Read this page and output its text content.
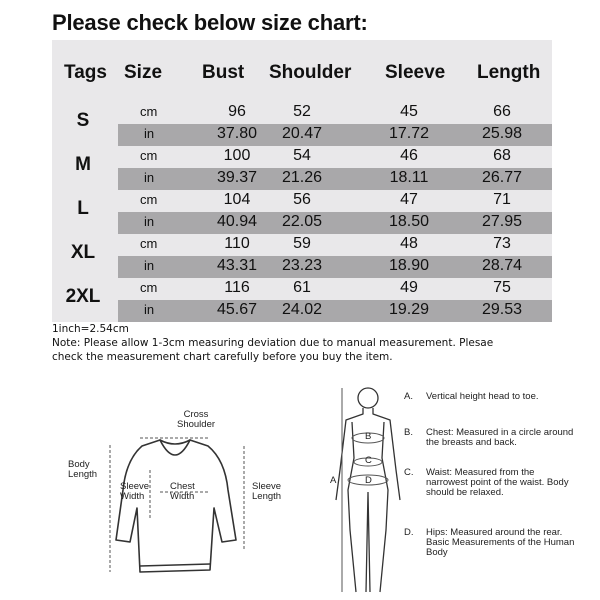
Please check below size chart:
Tags Size Bust Shoulder Sleeve Length
S	cm	96	52	45	66
in	37.80	20.47	17.72	25.98
M	cm	100	54	46	68
in	39.37	21.26	18.11	26.77
L	cm	104	56	47	71
in	40.94	22.05	18.50	27.95
XL	cm	110	59	48	73
in	43.31	23.23	18.90	28.74
2XL	cm	116	61	49	75
in	45.67	24.02	19.29	29.53
1inch=2.54cm
Note: Please allow 1-3cm measuring deviation due to manual measurement. Plesae
check the measurement chart carefully before you buy the item.
Cross
Shoulder
Body
Length
Sleeve
Width
Chest
Width
Sleeve
Length
A
B
C
D
A. Vertical height head to toe.
B. Chest: Measured in a circle around the breasts and back.
C. Waist: Measured from the narrowest point of the waist. Body should be relaxed.
D. Hips: Measured around the rear. Basic Measurements of the Human Body
